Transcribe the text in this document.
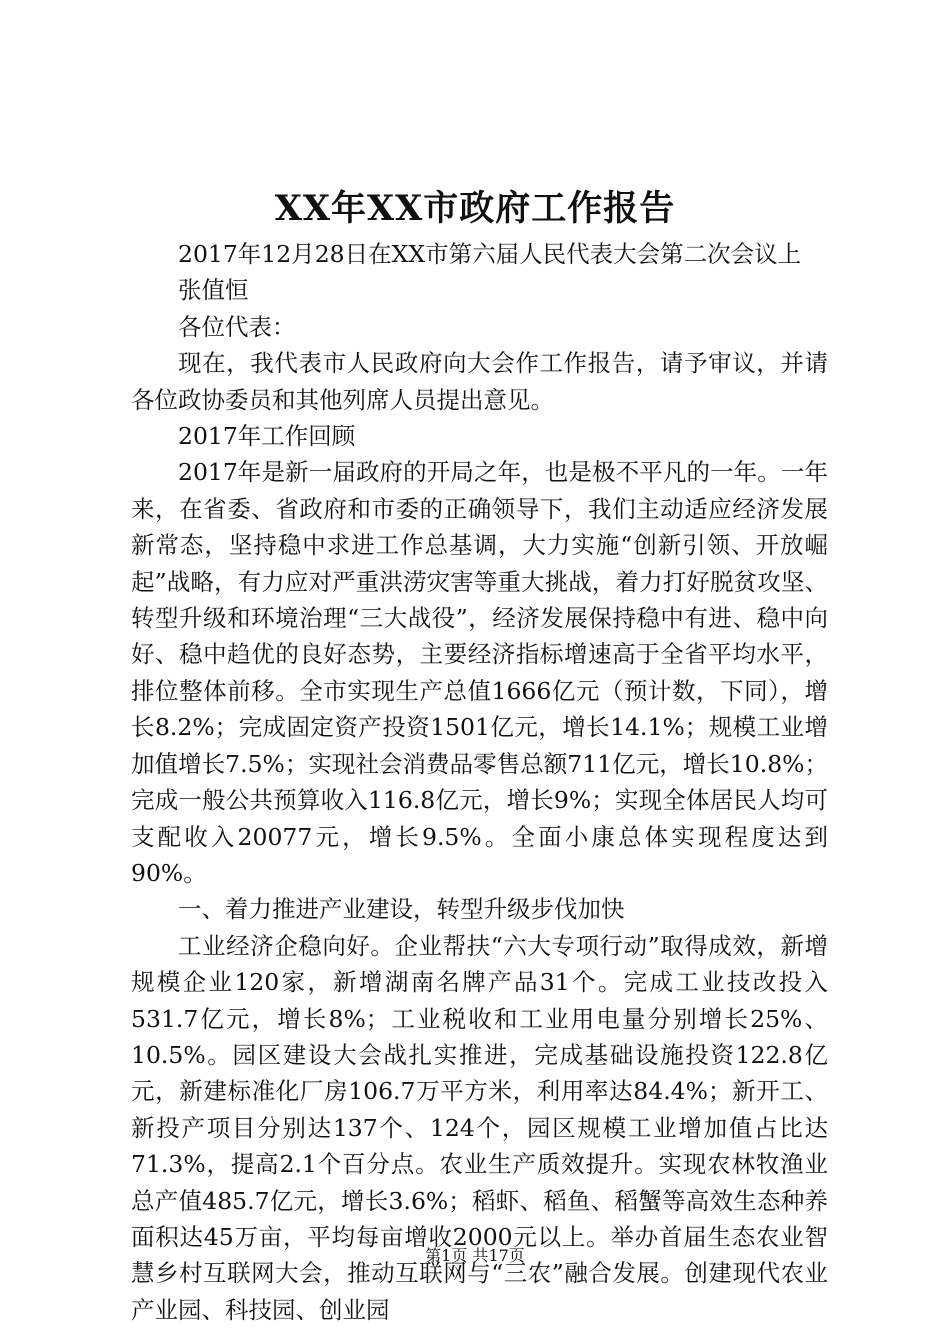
XX年XX市政府工作报告

2017年12月28日在XX市第六届人民代表大会第二次会议上

张值恒

各位代表：

现在，我代表市人民政府向大会作工作报告，请予审议，并请各位政协委员和其他列席人员提出意见。

2017年工作回顾

2017年是新一届政府的开局之年，也是极不平凡的一年。一年来，在省委、省政府和市委的正确领导下，我们主动适应经济发展新常态，坚持稳中求进工作总基调，大力实施“创新引领、开放崛起”战略，有力应对严重洪涝灾害等重大挑战，着力打好脱贫攻坚、转型升级和环境治理“三大战役”，经济发展保持稳中有进、稳中向好、稳中趋优的良好态势，主要经济指标增速高于全省平均水平，排位整体前移。全市实现生产总值1666亿元（预计数，下同），增长8.2%；完成固定资产投资1501亿元，增长14.1%；规模工业增加值增长7.5%；实现社会消费品零售总额711亿元，增长10.8%；完成一般公共预算收入116.8亿元，增长9%；实现全体居民人均可支配收入20077元，增长9.5%。全面小康总体实现程度达到90%。

一、着力推进产业建设，转型升级步伐加快

工业经济企稳向好。企业帮扶“六大专项行动”取得成效，新增规模企业120家，新增湖南名牌产品31个。完成工业技改投入531.7亿元，增长8%；工业税收和工业用电量分别增长25%、10.5%。园区建设大会战扎实推进，完成基础设施投资122.8亿元，新建标准化厂房106.7万平方米，利用率达84.4%；新开工、新投产项目分别达137个、124个，园区规模工业增加值占比达71.3%，提高2.1个百分点。农业生产质效提升。实现农林牧渔业总产值485.7亿元，增长3.6%；稻虾、稻鱼、稻蟹等高效生态种养面积达45万亩，平均每亩增收2000元以上。举办首届生态农业智慧乡村互联网大会，推动互联网与“三农”融合发展。创建现代农业产业园、科技园、创业园

第1页 共17页
